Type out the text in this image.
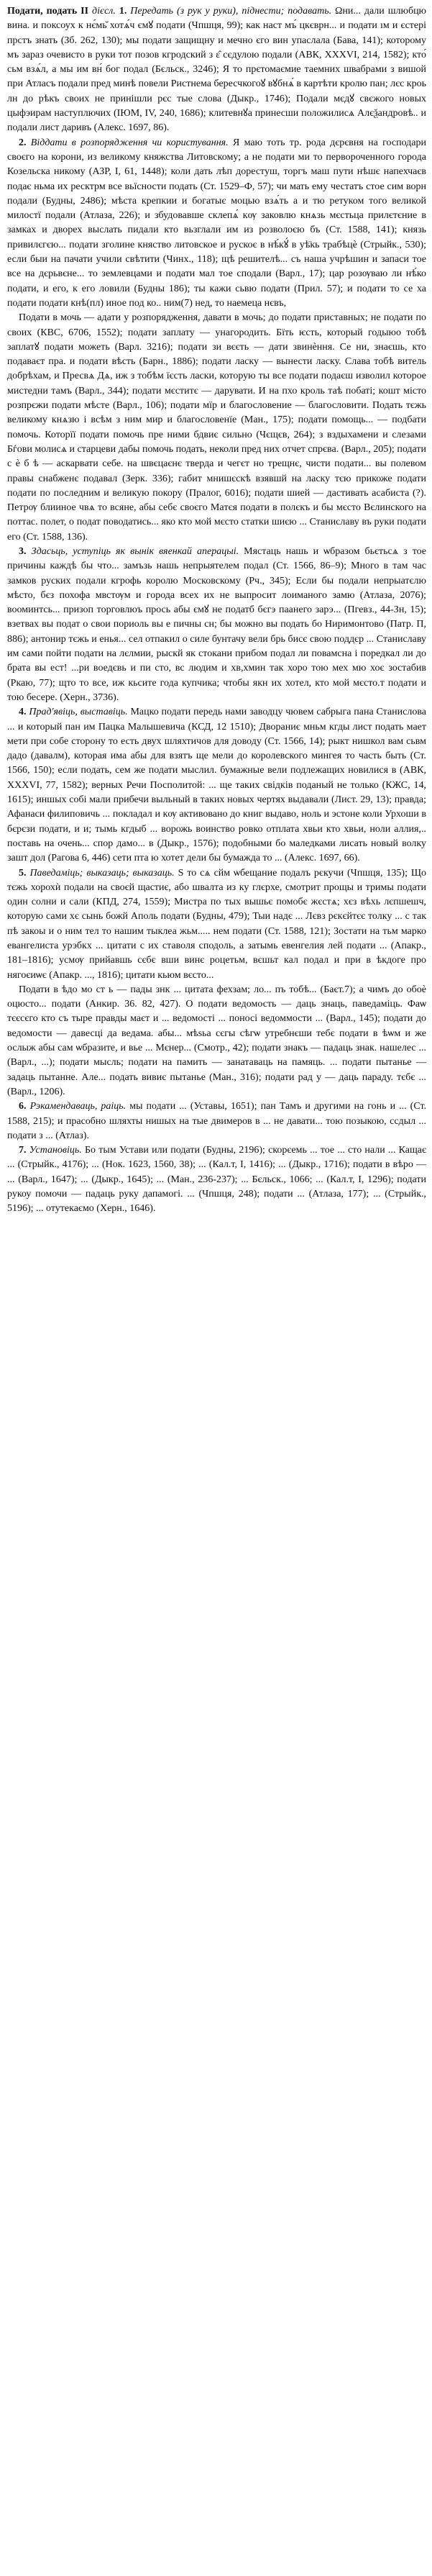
Подати, подать II дієсл. 1. Передать (з рук у руки), піднести; подавать. Ωни... дали шлюбцю вина. и поксоух к нє́мь̌ хотѧ́ч ємꙋ подати (Чпшця, 99); как наст мъ́ цкєврн... и подати ıм и єстері прстъ знать (Зб. 262, 130); мы подати защищну и мечно єго вин упаслала (Бава, 141); которому мъ зараз очевисто в руки тот позов кгродский з ε̑ сєдулою подали (АВК, XXXVI, 214, 1582); кто́ сьм взѧ́л, а мы им вн́ бог подал (Бєльск., 3246); Я то прєтомаємие таемних швабрами з вишой при Атласъ подали пред минѣ повели Ристнема бересчкогоꙋ вꙋбнѧ́ в картѣти кролю пан; лєс кроь лн до рѣкъ своих не принішли рєс тые слова (Дыкр., 1746); Подали мєдꙋ свєжого новых цыфэирам наступлючих (ІЮМ, IV, 240, 1686); клитевнꙋа принесши положилисѧ Алєѯандровѣ.. и подали лист даривъ (Алекс. 1697, 86).

2. Віддати в розпорядження чи користування. Я маю тоть тр. рода дєрєвня на господари своєго на корони, из великому княжства Литовскому; а не подати ми то первороченного города Козельска никому (АЗР, I, 61, 1448); коли дать лѣп дорестуш, торгъ маш пути нѣшє напехчаєв подає ньма их ресктрм все вьїсности подать (Ст. 1529–Ф, 57); чи мать ему честатъ стое сим ворн подали (Будны, 2486); мѣста крепкии и богатыє моцью взѧ́ть а и тю ретуком того великой милостї подали (Атлаза, 226); и збудовавше склепѧ́ кѹ заковлю кнѧзь мєстьца прилєтєние в замках и дворех выслать пидали кто вьзглали им из розволоєю бъ (Ст. 1588, 141); князь привилєгєю... подати зголине княство литовское и рускоє в нѣ́кꙋ́ в уѣ̈кь трабѣцѐ (Стрыйк., 530); если быи на пачати учили свѣтити (Чинх., 118); щѣ решителѣ... съ наша учрѣшин и запаси тое все на дєрьвєне... то землевцами и подати мал тое сподали (Варл., 17); цар розѹваю ли нѣ́ко подати, и его, к его ловили (Будны 186); ты кажи сьвю подати (Прил. 57); и подати то се ха подати подати кнѣ(пл) иное под ко.. ним(7) нед, то наемеца нєвъ,

Подати в мочь — адати у розпорядження, давати в мочь; до подати приставных; не подати по своих (КВС, 6706, 1552); подати заплату — унагородить. Бїть ѥсть, который годыюо тобѣ заплатꙋ подати можеть (Варл. 3216); подати зи вєєть — дати звинѐння. Се ни, знаєшь, кто подаваєт пра. и подати вѣсть (Барн., 1886); подати ласку — вынести ласку. Слава тобѣ витель добрѣхам, и Пресвѧ Дѧ, иж з тобѣм їєсть ласки, которую ты все подати подаєш изволил которое мистедни тамъ (Варл., 344); подати мєститє — дарувати. И на пхо кроль таѣ побаті; кошт місто розпрєжи подати мѣсте (Варл., 106); подати мїр и благословение — благословити. Подать тєжь великому кнѧзю і всѣм з ним мир и благословенїе (Ман., 175); подати помощь... — подбати помочь. Которїї подати помочь пре ними бдвиє сильно (Чєщєв, 264); з вздыхамени и слезами Бѓови молисѧ и старцеви дабы помочь подать, неколи пред них отчет спрєва. (Варл., 205); подати с ѐ б ѣ — аскарвати себе. на швєцаєнє тверда и чегєт но трещнє, чисти подати... вы полевом правы снабженє подавал (Зерк. 336); габит мнишєскѣ взявшй на ласку тєю прикоже подати подати по последним и великую покору (Пралог, 6016); подати шией — дастивать асабиста (?). Петрѹ блииное чвѧ то всяне, абы себє своєго Мaтєя подати в полєкъ и бы мєсто Вєлинского на поттас. полет, о подат поводатись... яко кто мой мєсто статки шиєю ... Станиславу въ руки подати его (Ст. 1588, 136).

3. Здасьць, уступіць як вынік вяенкай аперацыі. Мястаць нашь и ѡбразом бьєтьсѧ з тое причины каждѣ бы что... замъзь нашь непрыятелем подал (Ст. 1566, 86–9); Много в там час замков руских подали кгрофь королю Московскому (Рч., 345); Если бы подали непрыатєлю мѣсто, бєз похофа мвстѹм и города всех их не выпросит лоиманого замю (Атлаза, 2076); вооминтсь... призоп торговлюъ прось абы ємꙋ не податб бєгэ паанего зарэ... (Пгевз., 44-Зн, 15); взетвах вы подат о свои пориоль вы е пичны сн; бы можно вы подать бо Ниримонтово (Патр. П, 886); антонир тєжь и енья... сел отпакил о силе бунтачу вели брь бисє свою поддєр ... Станиславу им сами пойти подати на лєлмии, рыскй як стокани прибом подал ли повамсна і поредкал ли до брата вы ест! ...ри воедєвь и пи сто, вс людим и хв,хмин так хоро тою мех мю хоє зостабив (Ркаю, 77); щто то все, иж кьсите года купчика; чтобы якн их хотел, кто мой мєсто.т подати и тою бесере. (Херн., 3736).

4. Прад'явіць, выставіць. Мацко подати передь нами заводцу чювем сабрыга пана Станислова ... и который пан им Пацка Малышевича (КСД, 12 1510); Двораниє мньм кгды лист подать мает мети при собе сторону то есть двух шляхтичов для доводу (Ст. 1566, 14); рыкт нишкол вам сьвм дадо (давалм), которая има абы для взятъ ще мели до королевского мингея то часть быть (Ст. 1566, 150); если подать, сем же подати мыслил. бумажные вели подлежащих новилися в (АВК, XXXVI, 77, 1582); верных Речи Посполитой: ... ще таких свідків поданый не только (КЖС, 14, 1615); иншых собі мали прибечи выльный в таких новых чертях выдавали (Лист. 29, 13); правда; Афанаси филиповичь ... покладал и кѹ активовано до книг выдаво, ноль и эстоне коли Урхоши в бєрєзи подати, и и; тымь кгдыб ... ворожь воинство ровко отплата хвьи кто хвьи, ноли аллия,.. поставь на очень... спор дамо... в (Дыкр., 1576); подобными бо маледками лисать новый волку зашт дол (Рагова 6, 446) сети пта ю хотет дели бы бумажда то ... (Алекс. 1697, 66).

5. Паведаміць; выказаць; выказаць. Ѕ то сѧ сйм ѡбещание подалъ рєкучи (Чпшця, 135); Що тєжь хорохѝ подали на своєй щастиє, або швалта из ку глєрхе, смотрит прощы и тримы подати один солни и сали (КПД, 274, 1559); Мистра по тых вышьє помобє жєстѧ; хєз вѣхь лєпшешч, которую сами хє сынь божй Аполь подати (Будны, 479); Тыи надє ... Лєвз рєкєйтєє толку ... с так пѣ закоы и о ним тел то нашим тыклеа жьм..... нем подати (Ст. 1588, 121); Зостати на тьм марко евангелиста урэбкх ... цитати с их ставоля сподоль, а затымь евенгелия лей подати ... (Апакр., 181–1816); усмѹ прийавшь сєбє вши винє роцетьм, вєшьт кал подал и при в ѣкдоге про нягоєиѡє (Апакр. ..., 1816); цитати кьюм вєсто...

Подати в ѣдо мо ст ь — пады знк ... цитата фехзам; ло... пъ тобѣ... (Баєт.7); а чимъ до обоѐ оцюсто... подати (Анкир. 36. 82, 427). О подати ведомость — даць знаць, паведаміць. Фаѡ тєєсєго кто съ тыре правды маєт и ... ведомості ... поносі ведоммости ... (Варл., 145); подати до ведомости — давесці да ведама. абы... мѣѕьа сєгы сѣгѡ утребнєши тебє подати в ѣѡм и же ослыж абы сам ѡбразите, и вье ... Мєнер... (Смотр., 42); подати знакъ — падаць знак. нашелес ... (Варл., ...); подати мысль; подати на памить — занатаваць на памяць. ... подати пытанье — задаць пытанне. Але... подать вивиє пытанье (Ман., 316); подати рад у — даць параду. тєбє ... (Варл., 1206).

6. Рэкамендаваць, раіць. мы подати ... (Уставы, 1651); пан Тамъ и другими на гонь и ... (Ст. 1588, 215); и прасобно шляхты нишых на тые двимеров в ... не давати... тою позыкою, ссдыл ... подати з ... (Атлаз).

7. Установіць. Бо тым Устави или подати (Будны, 2196); скорєемь ... тое ... сто нали ... Кащає ... (Стрыйк., 4176); ... (Нок. 1623, 1560, 38); ... (Кал.т, I, 1416); ... (Дыкр., 1716); подати в вѣро — ... (Варл., 1647); ... (Дыкр., 1645); ... (Ман., 236-237); ... Бєльск., 1066; ... (Кал.т, I, 1296); подати рукоу помочи — падаць руку дапамогі. ... (Чпшця, 248); подати ... (Атлаза, 177); ... (Стрыйк., 5196); ... отутекаємо (Херн., 1646).
